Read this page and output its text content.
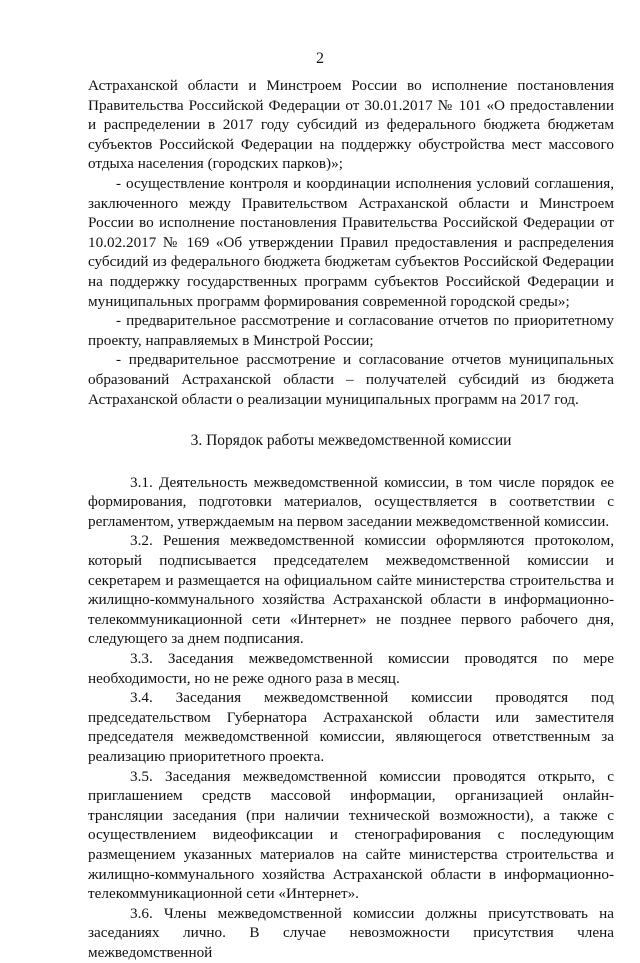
2

Астраханской области и Минстроем России во исполнение постановления Правительства Российской Федерации от 30.01.2017 № 101 «О предоставлении и распределении в 2017 году субсидий из федерального бюджета бюджетам субъектов Российской Федерации на поддержку обустройства мест массового отдыха населения (городских парков)»;

- осуществление контроля и координации исполнения условий соглашения, заключенного между Правительством Астраханской области и Минстроем России во исполнение постановления Правительства Российской Федерации от 10.02.2017 № 169 «Об утверждении Правил предоставления и распределения субсидий из федерального бюджета бюджетам субъектов Российской Федерации на поддержку государственных программ субъектов Российской Федерации и муниципальных программ формирования современной городской среды»;

- предварительное рассмотрение и согласование отчетов по приоритетному проекту, направляемых в Минстрой России;

- предварительное рассмотрение и согласование отчетов муниципальных образований Астраханской области – получателей субсидий из бюджета Астраханской области о реализации муниципальных программ на 2017 год.

3. Порядок работы межведомственной комиссии

3.1. Деятельность межведомственной комиссии, в том числе порядок ее формирования, подготовки материалов, осуществляется в соответствии с регламентом, утверждаемым на первом заседании межведомственной комиссии.

3.2. Решения межведомственной комиссии оформляются протоколом, который подписывается председателем межведомственной комиссии и секретарем и размещается на официальном сайте министерства строительства и жилищно-коммунального хозяйства Астраханской области в информационно-телекоммуникационной сети «Интернет» не позднее первого рабочего дня, следующего за днем подписания.

3.3. Заседания межведомственной комиссии проводятся по мере необходимости, но не реже одного раза в месяц.

3.4. Заседания межведомственной комиссии проводятся под председательством Губернатора Астраханской области или заместителя председателя межведомственной комиссии, являющегося ответственным за реализацию приоритетного проекта.

3.5. Заседания межведомственной комиссии проводятся открыто, с приглашением средств массовой информации, организацией онлайн- трансляции заседания (при наличии технической возможности), а также с осуществлением видеофиксации и стенографирования с последующим размещением указанных материалов на сайте министерства строительства и жилищно-коммунального хозяйства Астраханской области в информационно-телекоммуникационной сети «Интернет».

3.6. Члены межведомственной комиссии должны присутствовать на заседаниях лично. В случае невозможности присутствия члена межведомственной
